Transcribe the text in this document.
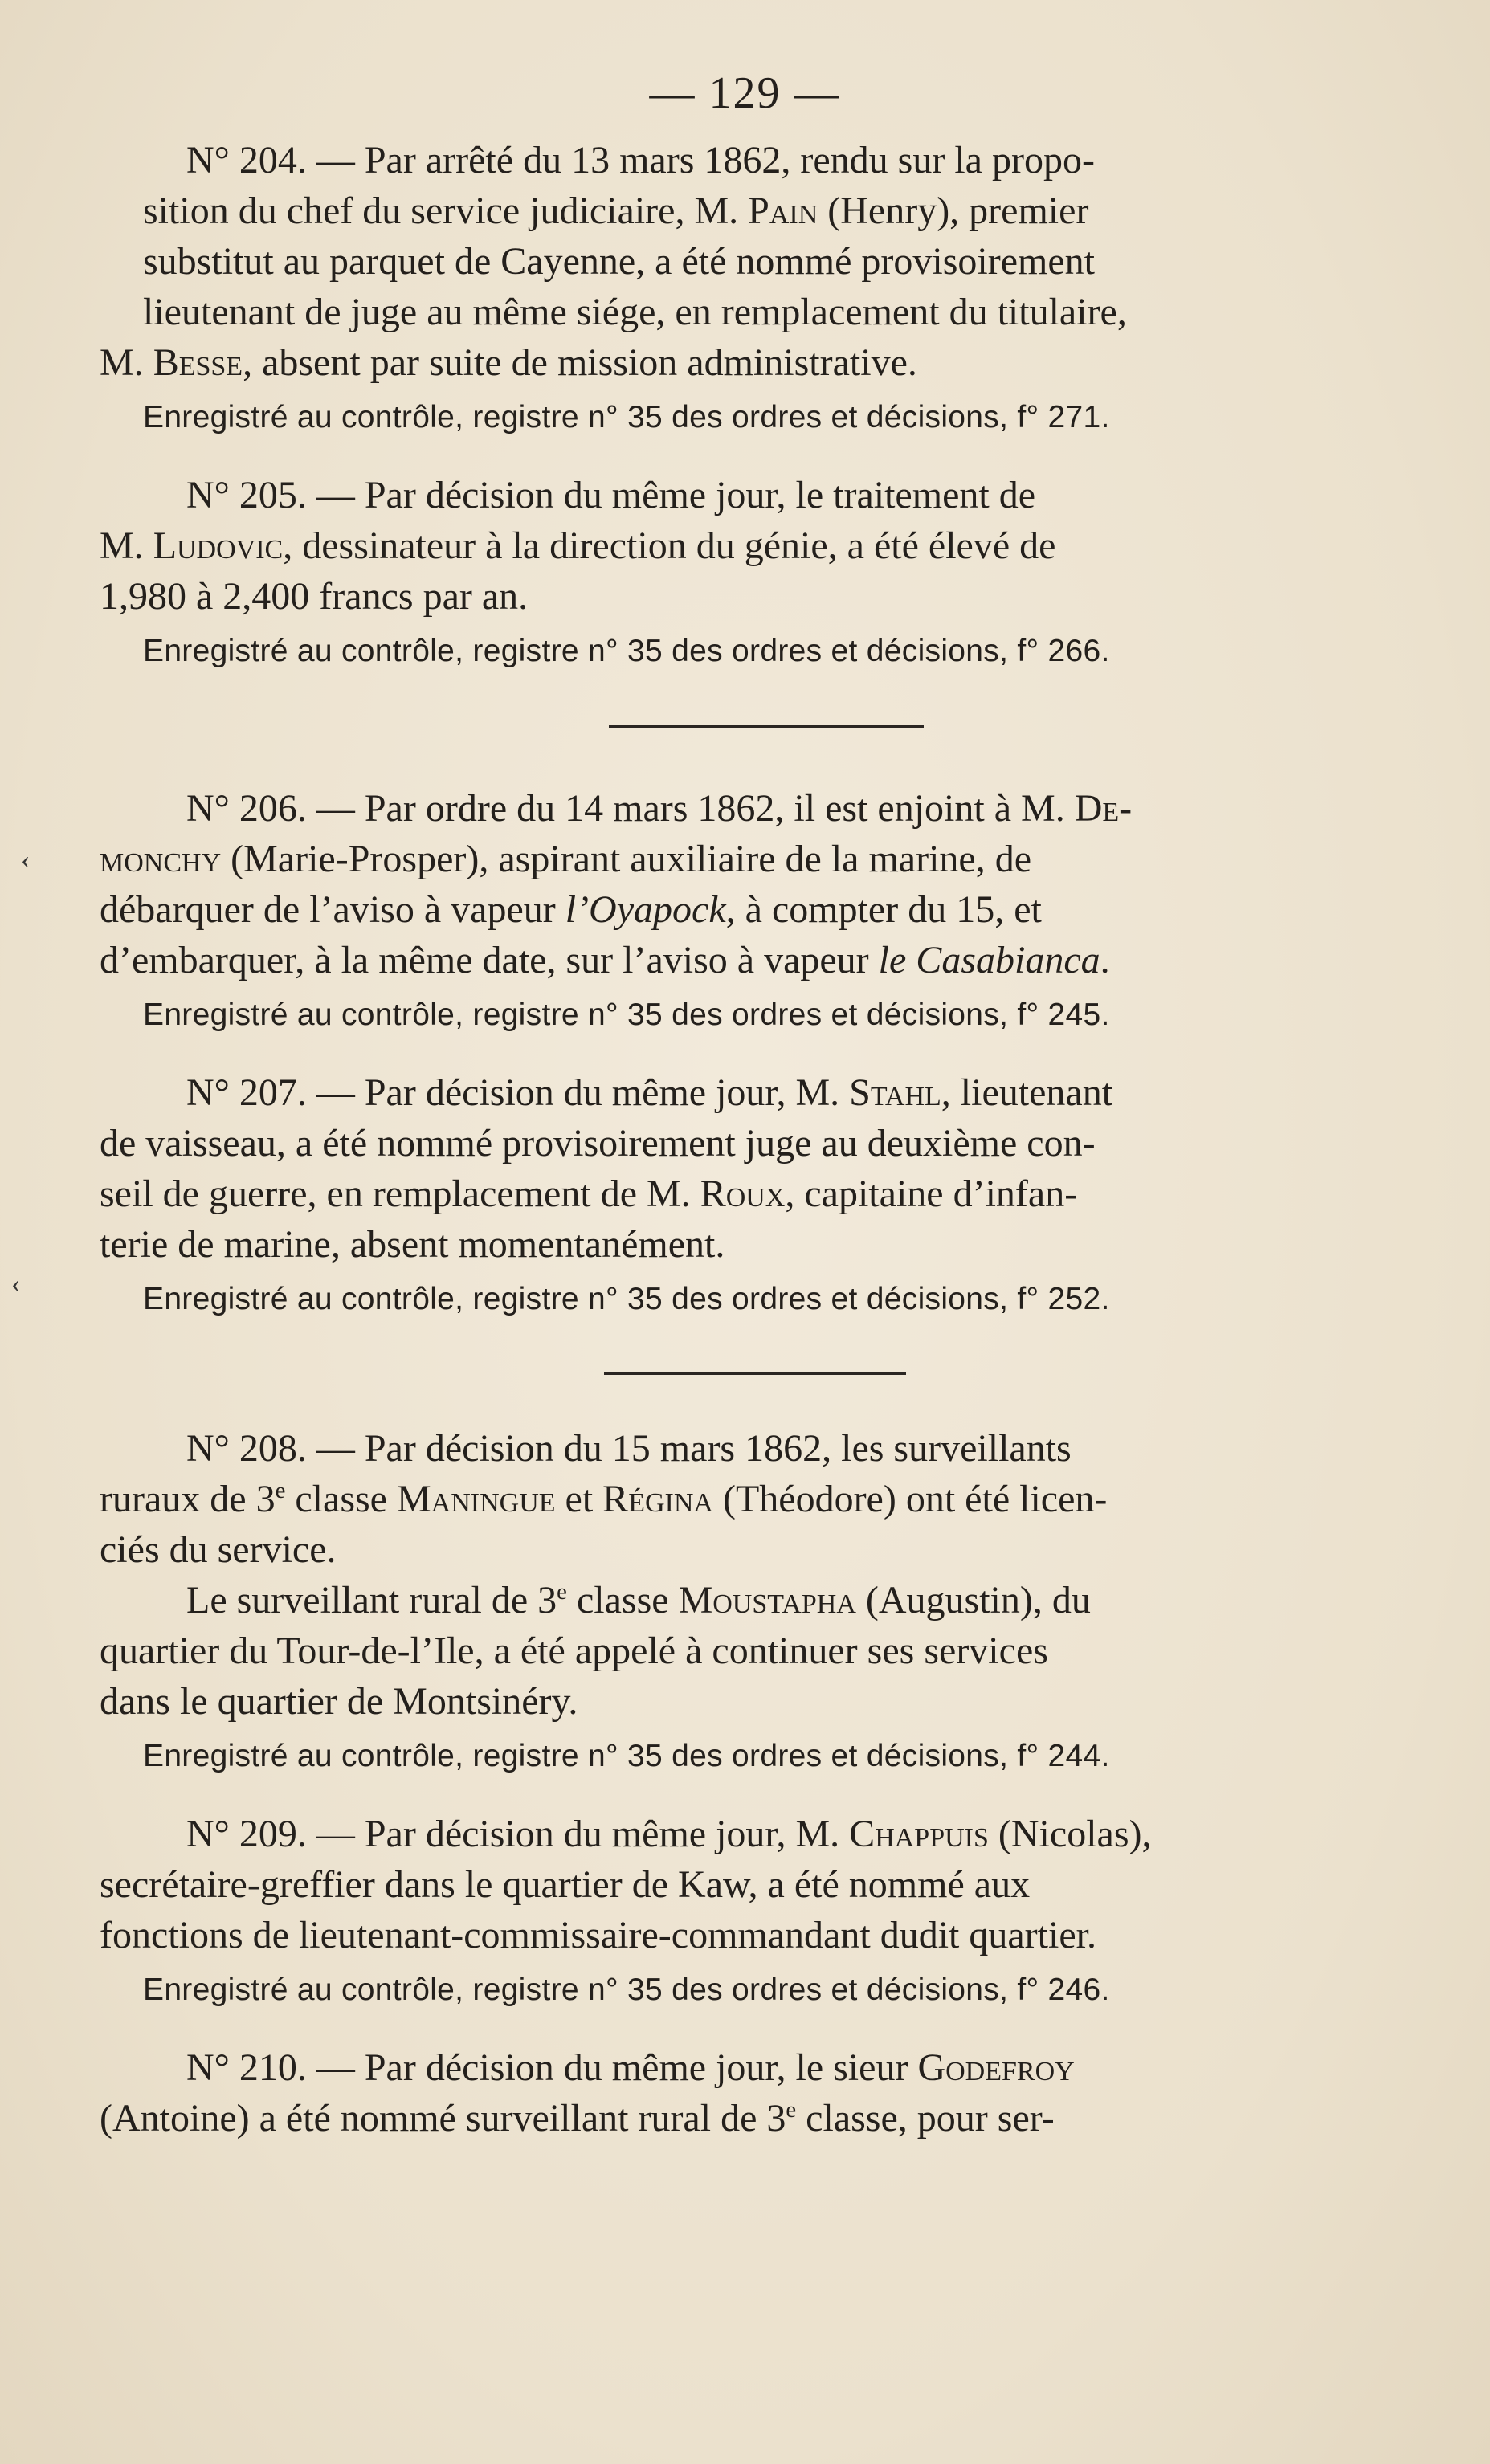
— 129 —

N° 204. — Par arrêté du 13 mars 1862, rendu sur la propo-
sition du chef du service judiciaire, M. Pain (Henry), premier
substitut au parquet de Cayenne, a été nommé provisoirement
lieutenant de juge au même siége, en remplacement du titulaire,
M. Besse, absent par suite de mission administrative.

Enregistré au contrôle, registre n° 35 des ordres et décisions, f° 271.

N° 205. — Par décision du même jour, le traitement de
M. Ludovic, dessinateur à la direction du génie, a été élevé de
1,980 à 2,400 francs par an.

Enregistré au contrôle, registre n° 35 des ordres et décisions, f° 266.

N° 206. — Par ordre du 14 mars 1862, il est enjoint à M. De-
monchy (Marie-Prosper), aspirant auxiliaire de la marine, de
débarquer de l’aviso à vapeur l’Oyapock, à compter du 15, et
d’embarquer, à la même date, sur l’aviso à vapeur le Casabianca.

Enregistré au contrôle, registre n° 35 des ordres et décisions, f° 245.

N° 207. — Par décision du même jour, M. Stahl, lieutenant
de vaisseau, a été nommé provisoirement juge au deuxième con-
seil de guerre, en remplacement de M. Roux, capitaine d’infan-
terie de marine, absent momentanément.

Enregistré au contrôle, registre n° 35 des ordres et décisions, f° 252.

N° 208. — Par décision du 15 mars 1862, les surveillants
ruraux de 3e classe Maningue et Régina (Théodore) ont été licen-
ciés du service.

Le surveillant rural de 3e classe Moustapha (Augustin), du
quartier du Tour-de-l’Ile, a été appelé à continuer ses services
dans le quartier de Montsinéry.

Enregistré au contrôle, registre n° 35 des ordres et décisions, f° 244.

N° 209. — Par décision du même jour, M. Chappuis (Nicolas),
secrétaire-greffier dans le quartier de Kaw, a été nommé aux
fonctions de lieutenant-commissaire-commandant dudit quartier.

Enregistré au contrôle, registre n° 35 des ordres et décisions, f° 246.

N° 210. — Par décision du même jour, le sieur Godefroy
(Antoine) a été nommé surveillant rural de 3e classe, pour ser-

‹
‹
